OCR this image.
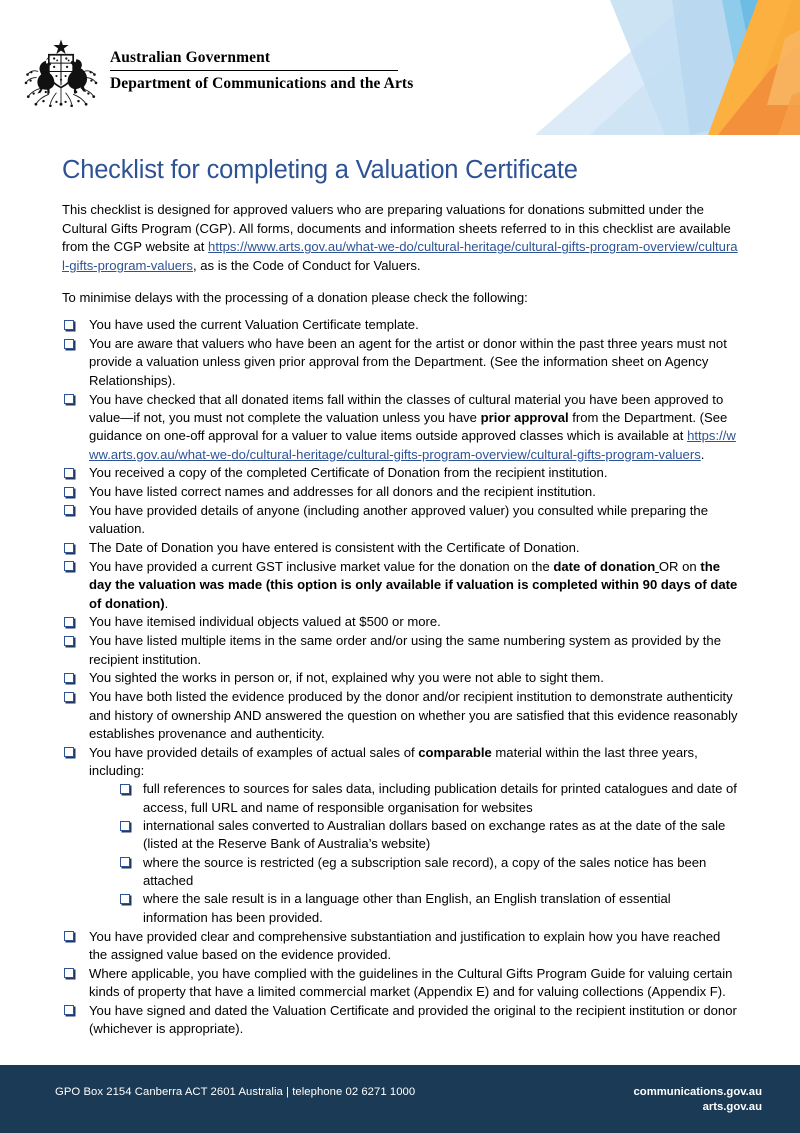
Australian Government
Department of Communications and the Arts
Checklist for completing a Valuation Certificate

This checklist is designed for approved valuers who are preparing valuations for donations submitted under the Cultural Gifts Program (CGP). All forms, documents and information sheets referred to in this checklist are available from the CGP website at https://www.arts.gov.au/what-we-do/cultural-heritage/cultural-gifts-program-overview/cultural-gifts-program-valuers, as is the Code of Conduct for Valuers.

To minimise delays with the processing of a donation please check the following:

You have used the current Valuation Certificate template.
You are aware that valuers who have been an agent for the artist or donor within the past three years must not provide a valuation unless given prior approval from the Department. (See the information sheet on Agency Relationships).
You have checked that all donated items fall within the classes of cultural material you have been approved to value—if not, you must not complete the valuation unless you have prior approval from the Department. (See guidance on one-off approval for a valuer to value items outside approved classes which is available at https://www.arts.gov.au/what-we-do/cultural-heritage/cultural-gifts-program-overview/cultural-gifts-program-valuers.
You received a copy of the completed Certificate of Donation from the recipient institution.
You have listed correct names and addresses for all donors and the recipient institution.
You have provided details of anyone (including another approved valuer) you consulted while preparing the valuation.
The Date of Donation you have entered is consistent with the Certificate of Donation.
You have provided a current GST inclusive market value for the donation on the date of donation OR on the day the valuation was made (this option is only available if valuation is completed within 90 days of date of donation).
You have itemised individual objects valued at $500 or more.
You have listed multiple items in the same order and/or using the same numbering system as provided by the recipient institution.
You sighted the works in person or, if not, explained why you were not able to sight them.
You have both listed the evidence produced by the donor and/or recipient institution to demonstrate authenticity and history of ownership AND answered the question on whether you are satisfied that this evidence reasonably establishes provenance and authenticity.
You have provided details of examples of actual sales of comparable material within the last three years, including:
full references to sources for sales data, including publication details for printed catalogues and date of access, full URL and name of responsible organisation for websites
international sales converted to Australian dollars based on exchange rates as at the date of the sale (listed at the Reserve Bank of Australia’s website)
where the source is restricted (eg a subscription sale record), a copy of the sales notice has been attached
where the sale result is in a language other than English, an English translation of essential information has been provided.
You have provided clear and comprehensive substantiation and justification to explain how you have reached the assigned value based on the evidence provided.
Where applicable, you have complied with the guidelines in the Cultural Gifts Program Guide for valuing certain kinds of property that have a limited commercial market (Appendix E) and for valuing collections (Appendix F).
You have signed and dated the Valuation Certificate and provided the original to the recipient institution or donor (whichever is appropriate).
GPO Box 2154 Canberra ACT 2601 Australia | telephone 02 6271 1000	communications.gov.au
arts.gov.au
